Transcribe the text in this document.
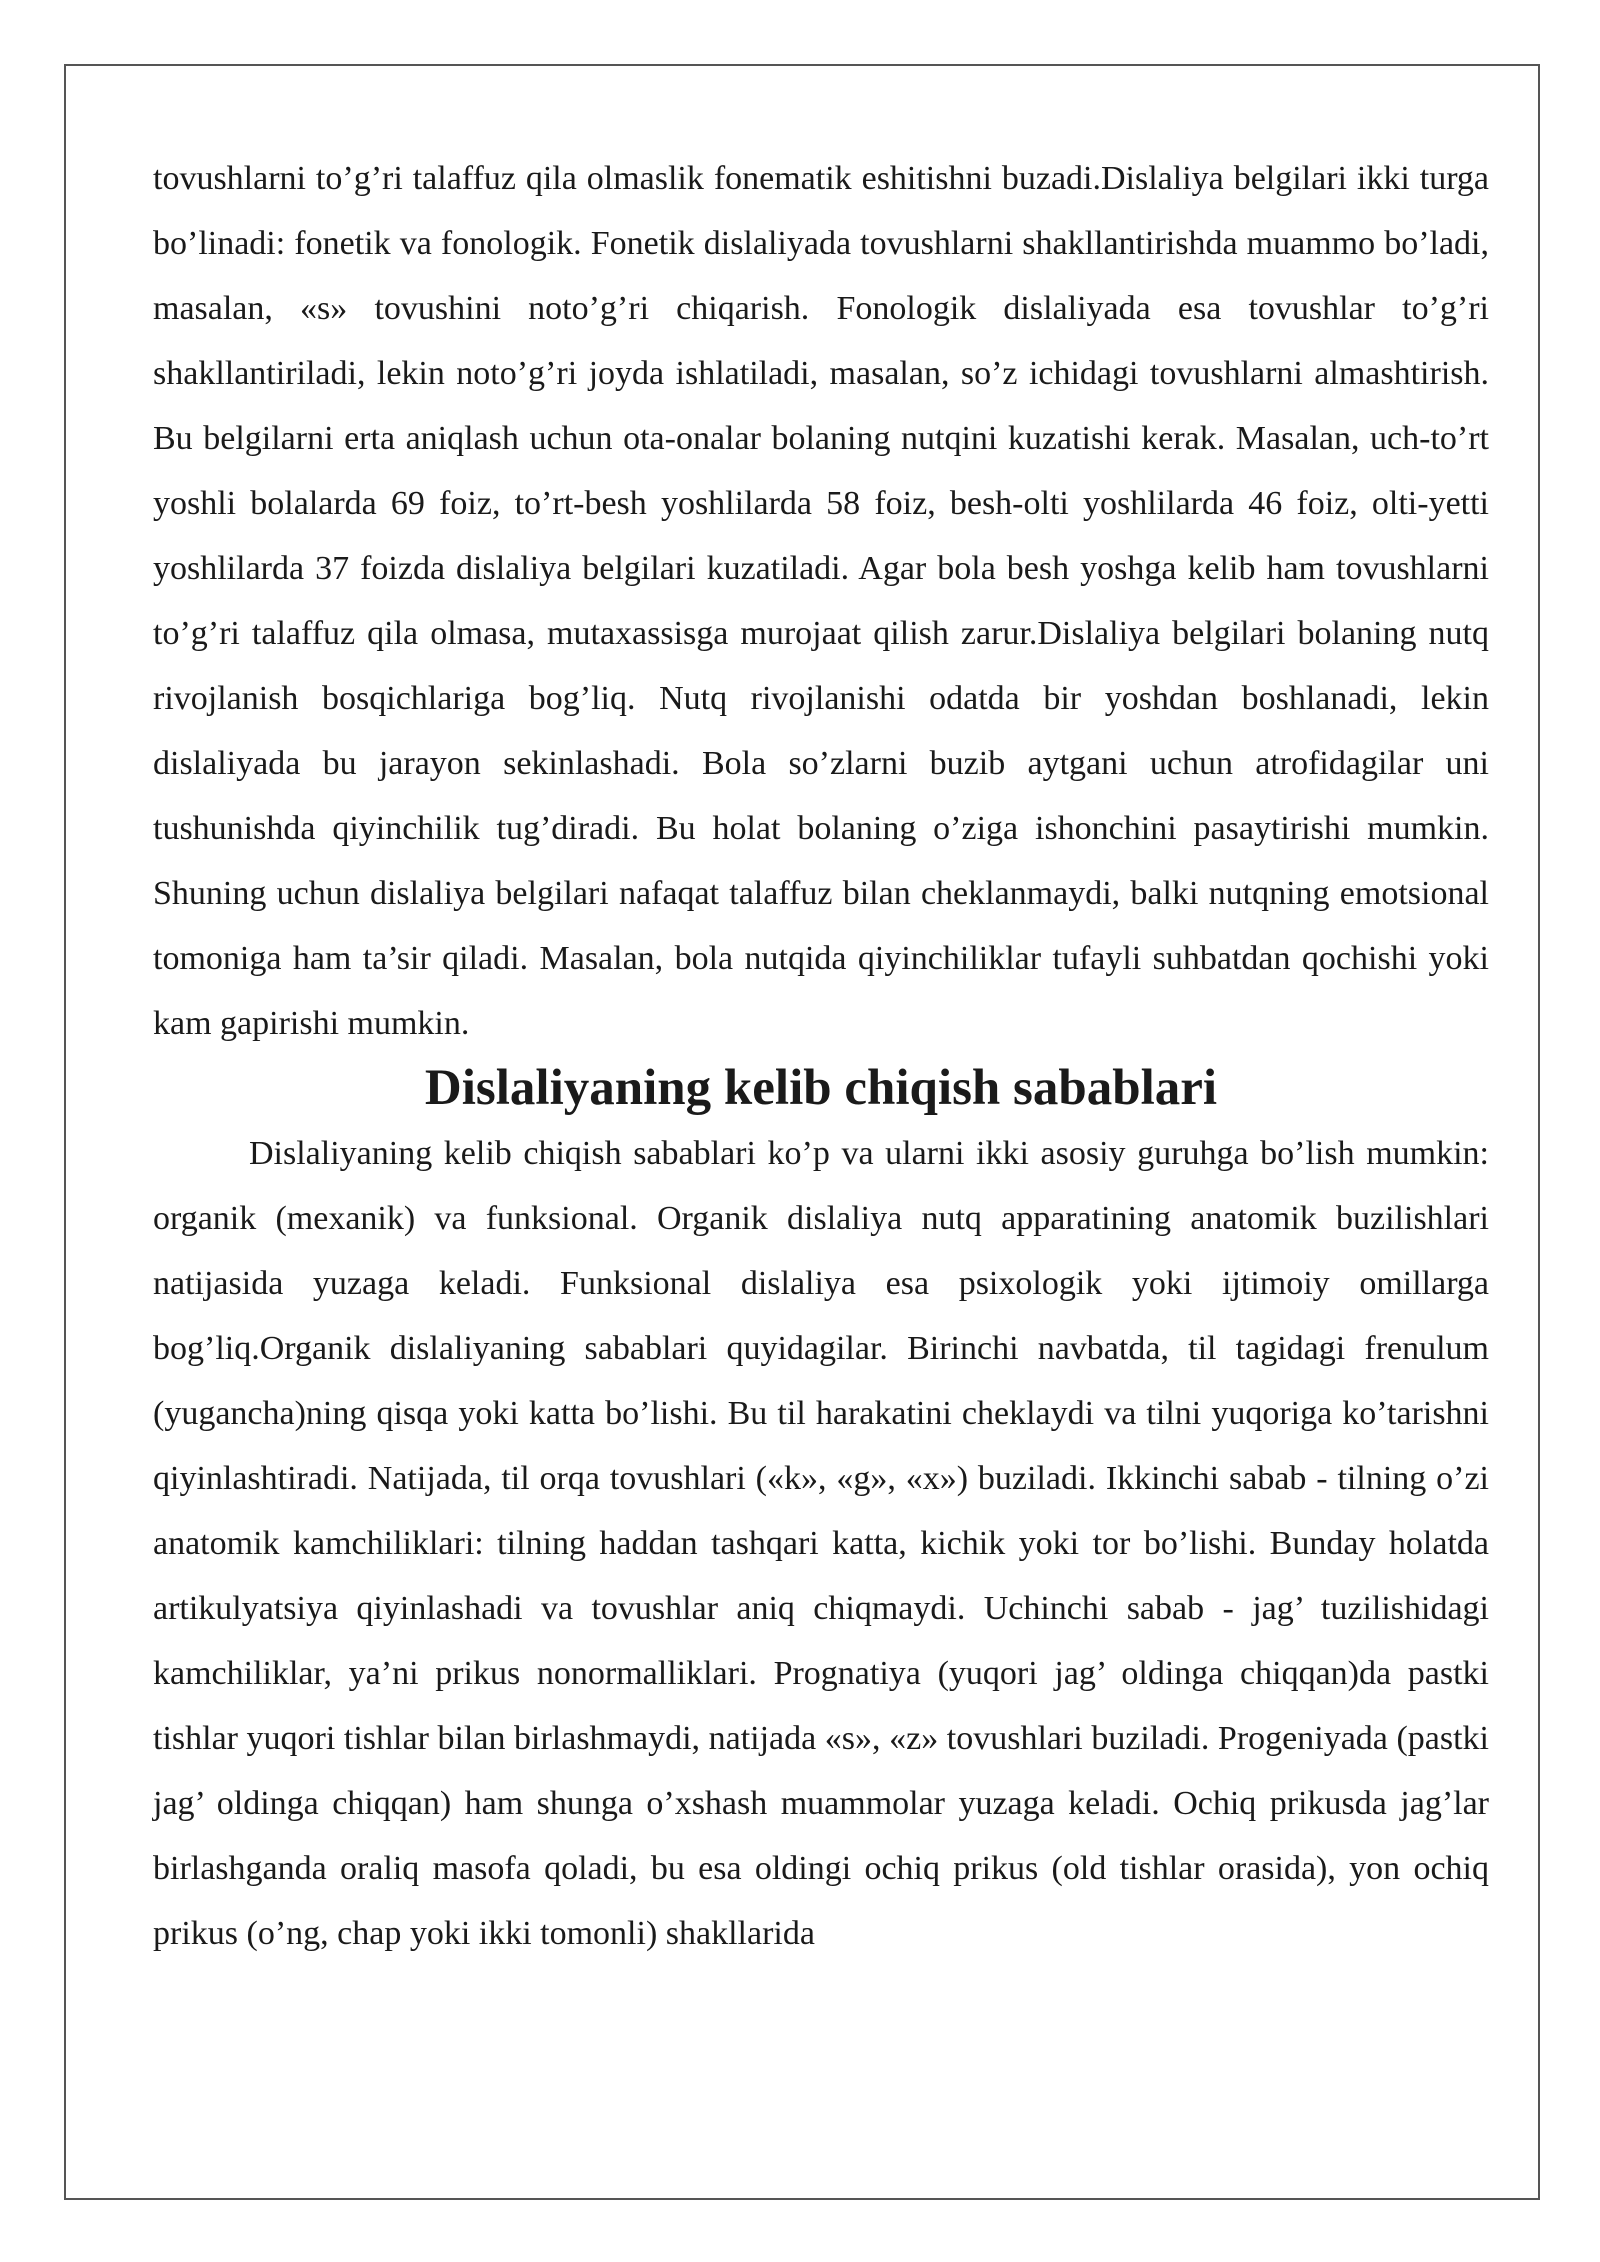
tovushlarni to’g’ri talaffuz qila olmaslik fonematik eshitishni buzadi.Dislaliya belgilari ikki turga bo’linadi: fonetik va fonologik. Fonetik dislaliyada tovushlarni shakllantirishda muammo bo’ladi, masalan, «s» tovushini noto’g’ri chiqarish. Fonologik dislaliyada esa tovushlar to’g’ri shakllantiriladi, lekin noto’g’ri joyda ishlatiladi, masalan, so’z ichidagi tovushlarni almashtirish. Bu belgilarni erta aniqlash uchun ota-onalar bolaning nutqini kuzatishi kerak. Masalan, uch-to’rt yoshli bolalarda 69 foiz, to’rt-besh yoshlilarda 58 foiz, besh-olti yoshlilarda 46 foiz, olti-yetti yoshlilarda 37 foizda dislaliya belgilari kuzatiladi. Agar bola besh yoshga kelib ham tovushlarni to’g’ri talaffuz qila olmasa, mutaxassisga murojaat qilish zarur.Dislaliya belgilari bolaning nutq rivojlanish bosqichlariga bog’liq. Nutq rivojlanishi odatda bir yoshdan boshlanadi, lekin dislaliyada bu jarayon sekinlashadi. Bola so’zlarni buzib aytgani uchun atrofidagilar uni tushunishda qiyinchilik tug’diradi. Bu holat bolaning o’ziga ishonchini pasaytirishi mumkin. Shuning uchun dislaliya belgilari nafaqat talaffuz bilan cheklanmaydi, balki nutqning emotsional tomoniga ham ta’sir qiladi. Masalan, bola nutqida qiyinchiliklar tufayli suhbatdan qochishi yoki kam gapirishi mumkin.

Dislaliyaning kelib chiqish sabablari

Dislaliyaning kelib chiqish sabablari ko’p va ularni ikki asosiy guruhga bo’lish mumkin: organik (mexanik) va funksional. Organik dislaliya nutq apparatining anatomik buzilishlari natijasida yuzaga keladi. Funksional dislaliya esa psixologik yoki ijtimoiy omillarga bog’liq.Organik dislaliyaning sabablari quyidagilar. Birinchi navbatda, til tagidagi frenulum (yugancha)ning qisqa yoki katta bo’lishi. Bu til harakatini cheklaydi va tilni yuqoriga ko’tarishni qiyinlashtiradi. Natijada, til orqa tovushlari («k», «g», «x») buziladi. Ikkinchi sabab - tilning o’zi anatomik kamchiliklari: tilning haddan tashqari katta, kichik yoki tor bo’lishi. Bunday holatda artikulyatsiya qiyinlashadi va tovushlar aniq chiqmaydi. Uchinchi sabab - jag’ tuzilishidagi kamchiliklar, ya’ni prikus nonormalliklari. Prognatiya (yuqori jag’ oldinga chiqqan)da pastki tishlar yuqori tishlar bilan birlashmaydi, natijada «s», «z» tovushlari buziladi. Progeniyada (pastki jag’ oldinga chiqqan) ham shunga o’xshash muammolar yuzaga keladi. Ochiq prikusda jag’lar birlashganda oraliq masofa qoladi, bu esa oldingi ochiq prikus (old tishlar orasida), yon ochiq prikus (o’ng, chap yoki ikki tomonli) shakllarida
